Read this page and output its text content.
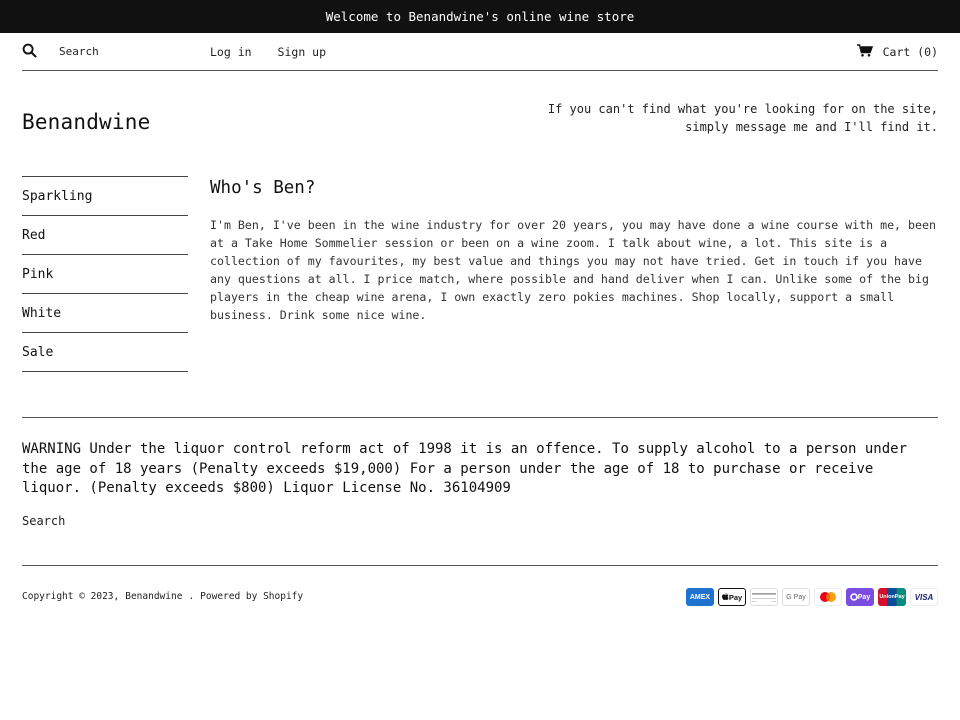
Welcome to Benandwine's online wine store
Search
Log in Sign up	Cart (0)
Benandwine
If you can't find what you're looking for on the site, simply message me and I'll find it.
Sparkling
Red
Pink
White
Sale
Who's Ben?

I'm Ben, I've been in the wine industry for over 20 years, you may have done a wine course with me, been at a Take Home Sommelier session or been on a wine zoom. I talk about wine, a lot. This site is a collection of my favourites, my best value and things you may not have tried. Get in touch if you have any questions at all. I price match, where possible and hand deliver when I can. Unlike some of the big players in the cheap wine arena, I own exactly zero pokies machines. Shop locally, support a small business. Drink some nice wine.

WARNING Under the liquor control reform act of 1998 it is an offence. To supply alcohol to a person under the age of 18 years (Penalty exceeds $19,000) For a person under the age of 18 to purchase or receive liquor. (Penalty exceeds $800) Liquor License No. 36104909
Search
Copyright © 2023, Benandwine . Powered by Shopify	AMEX Pay	G Pay	Pay UnionPay VISA
